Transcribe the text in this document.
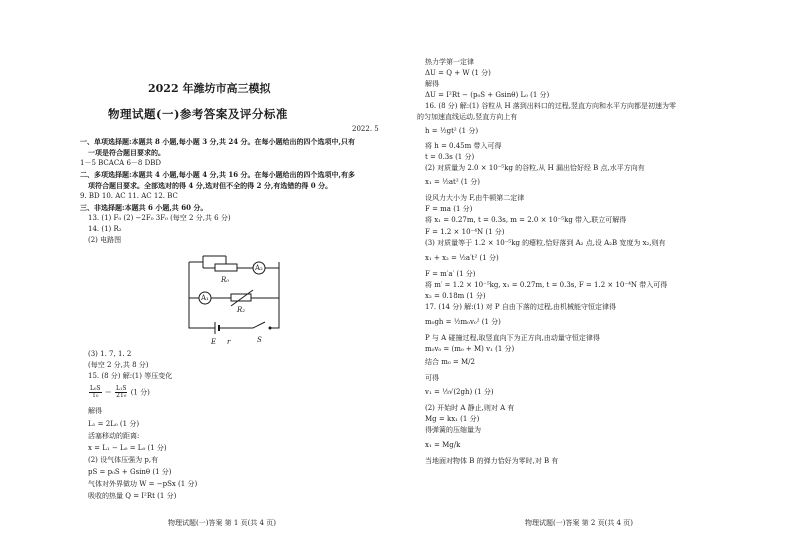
2022 年潍坊市高三模拟
物理试题(一)参考答案及评分标准
2022. 5
一、单项选择题:本题共 8 小题,每小题 3 分,共 24 分。在每小题给出的四个选项中,只有
一项是符合题目要求的。
1－5 BCACA 6－8 DBD
二、多项选择题:本题共 4 小题,每小题 4 分,共 16 分。在每小题给出的四个选项中,有多
项符合题目要求。全部选对的得 4 分,选对但不全的得 2 分,有选错的得 0 分。
9. BD 10. AC 11. AC 12. BC
三、非选择题:本题共 6 小题,共 60 分。
13. (1) F₀ (2) −2F₀ 3F₀ (每空 2 分,共 6 分)
14. (1) R₂
(2) 电路图
A₂
A₁
R₀
R₂
E r	S
(3) 1. 7, 1. 2
(每空 2 分,共 8 分)
15. (8 分) 解:(1) 等压变化
$\frac{\text{L₀S}}{\text{T₀}} = \frac{\text{L₁S}}{\text{2T₀}} (1$ 分)
解得
L₁ = 2L₀ (1 分)
活塞移动的距离:
x = L₁ − L₀ = L₀ (1 分)
(2) 设气体压强为 p,有
pS = p₀S + Gsinθ (1 分)
气体对外界做功 W = −pSx (1 分)
吸收的热量 Q = I²Rt (1 分)
物理试题(一)答案 第 1 页(共 4 页)
热力学第一定律
ΔU = Q + W (1 分)
解得
ΔU = I²Rt − (p₀S + Gsinθ) L₀ (1 分)
16. (8 分) 解:(1) 谷粒从 H 落到出料口的过程,竖直方向和水平方向都是初速为零
的匀加速直线运动,竖直方向上有
h = ½gt² (1 分)
将 h = 0.45m 带入可得
t = 0.3s (1 分)
(2) 对质量为 2.0 × 10⁻⁵kg 的谷粒,从 H 漏出恰好经 B 点,水平方向有
x₁ = ½at² (1 分)
设风力大小为 F,由牛顿第二定律
F = ma (1 分)
将 x₁ = 0.27m, t = 0.3s, m = 2.0 × 10⁻⁵kg 带入,联立可解得
F = 1.2 × 10⁻⁴N (1 分)
(3) 对质量等于 1.2 × 10⁻⁵kg 的瘪粒,恰好落到 A₂ 点,设 A₂B 宽度为 x₂,则有
x₁ + x₂ = ½a′t² (1 分)
F = m′a′ (1 分)
将 m′ = 1.2 × 10⁻⁵kg, x₁ = 0.27m, t = 0.3s, F = 1.2 × 10⁻⁴N 带入可得
x₂ = 0.18m (1 分)
17. (14 分) 解:(1) 对 P 自由下落的过程,由机械能守恒定律得
m₀gh = ½m₀v₀² (1 分)
P 与 A 碰撞过程,取竖直向下为正方向,由动量守恒定律得
m₀v₀ = (m₀ + M) v₁ (1 分)
结合 m₀ = M/2
可得
v₁ = ⅓√(2gh) (1 分)
(2) 开始时 A 静止,则对 A 有
Mg = kx₁ (1 分)
得弹簧的压缩量为
x₁ = Mg/k
当地面对物体 B 的弹力恰好为零时,对 B 有
物理试题(一)答案 第 2 页(共 4 页)
